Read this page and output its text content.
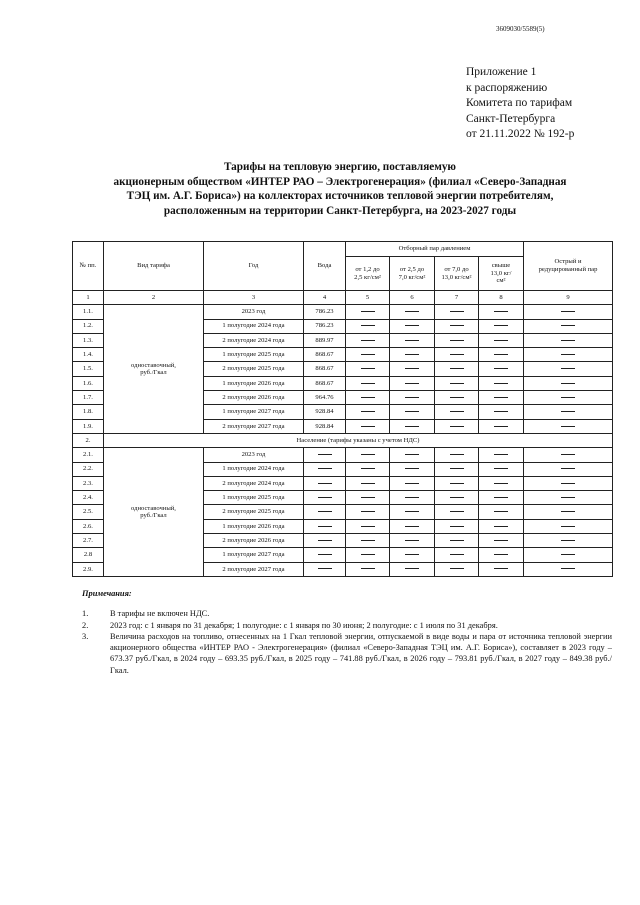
3609030/5589(5)
Приложение 1
к распоряжению
Комитета по тарифам
Санкт-Петербурга
от 21.11.2022 № 192-р
Тарифы на тепловую энергию, поставляемую
акционерным обществом «ИНТЕР РАО – Электрогенерация» (филиал «Северо-Западная
ТЭЦ им. А.Г. Борисa») на коллекторах источников тепловой энергии потребителям,
расположенным на территории Санкт-Петербурга, на 2023-2027 годы
№ пп.	Вид тарифа	Год	Вода	Отборный пар давлением				Острый и редуцированный пар
				от 1,2 до 2,5 кг/см²	от 2,5 до 7,0 кг/см²	от 7,0 до 13,0 кг/см²	свыше 13,0 кг/см²	
1	2	3	4	5	6	7	8	9
1.1.	одноставочный, руб./Гкал	2023 год	786.23					
1.2.		1 полугодие 2024 года	786.23					
1.3.		2 полугодие 2024 года	889.97					
1.4.		1 полугодие 2025 года	868.67					
1.5.		2 полугодие 2025 года	868.67					
1.6.		1 полугодие 2026 года	868.67					
1.7.		2 полугодие 2026 года	964.76					
1.8.		1 полугодие 2027 года	928.84					
1.9.		2 полугодие 2027 года	928.84					
2.	Население (тарифы указаны с учетом НДС)							
2.1.	одноставочный, руб./Гкал	2023 год						
2.2.		1 полугодие 2024 года						
2.3.		2 полугодие 2024 года						
2.4.		1 полугодие 2025 года						
2.5.		2 полугодие 2025 года						
2.6.		1 полугодие 2026 года						
2.7.		2 полугодие 2026 года						
2.8		1 полугодие 2027 года						
2.9.		2 полугодие 2027 года						
Примечания:
1.	В тарифы не включен НДС.
2.	2023 год: с 1 января по 31 декабря; 1 полугодие: с 1 января по 30 июня; 2 полугодие: с 1 июля по 31 декабря.
3.	Величина расходов на топливо, отнесенных на 1 Гкал тепловой энергии, отпускаемой в виде воды и пара от источника тепловой энергии акционерного общества «ИНТЕР РАО - Электрогенерация» (филиал «Северо-Западная ТЭЦ им. А.Г. Борисa»), составляет в 2023 году – 673.37 руб./Гкал, в 2024 году – 693.35 руб./Гкал, в 2025 году – 741.88 руб./Гкал, в 2026 году – 793.81 руб./Гкал, в 2027 году – 849.38 руб./Гкал.
